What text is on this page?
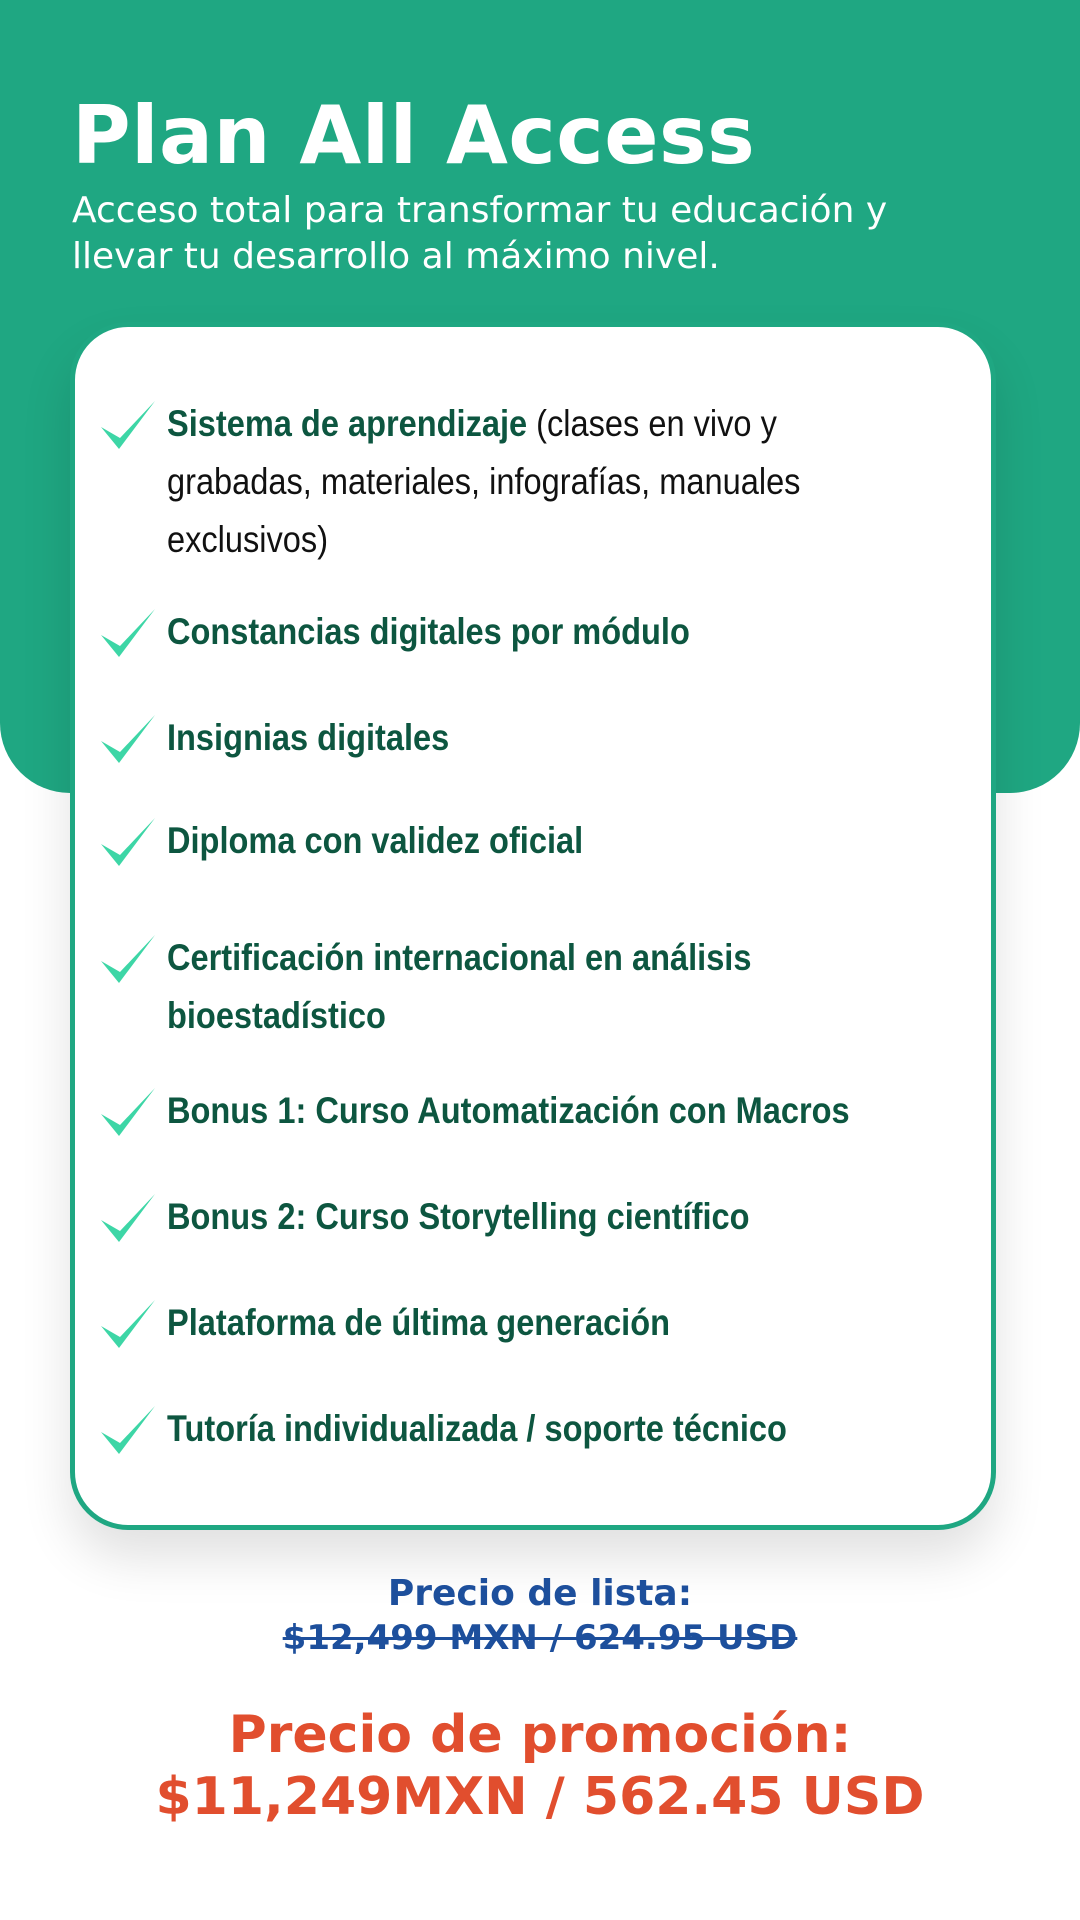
Plan All Access

Acceso total para transformar tu educación y
llevar tu desarrollo al máximo nivel.

Sistema de aprendizaje (clases en vivo y grabadas, materiales, infografías, manuales exclusivos)
Constancias digitales por módulo
Insignias digitales
Diploma con validez oficial
Certificación internacional en análisis bioestadístico
Bonus 1: Curso Automatización con Macros
Bonus 2: Curso Storytelling científico
Plataforma de última generación
Tutoría individualizada / soporte técnico
Precio de lista:
$12,499 MXN / 624.95 USD
Precio de promoción:
$11,249MXN / 562.45 USD
